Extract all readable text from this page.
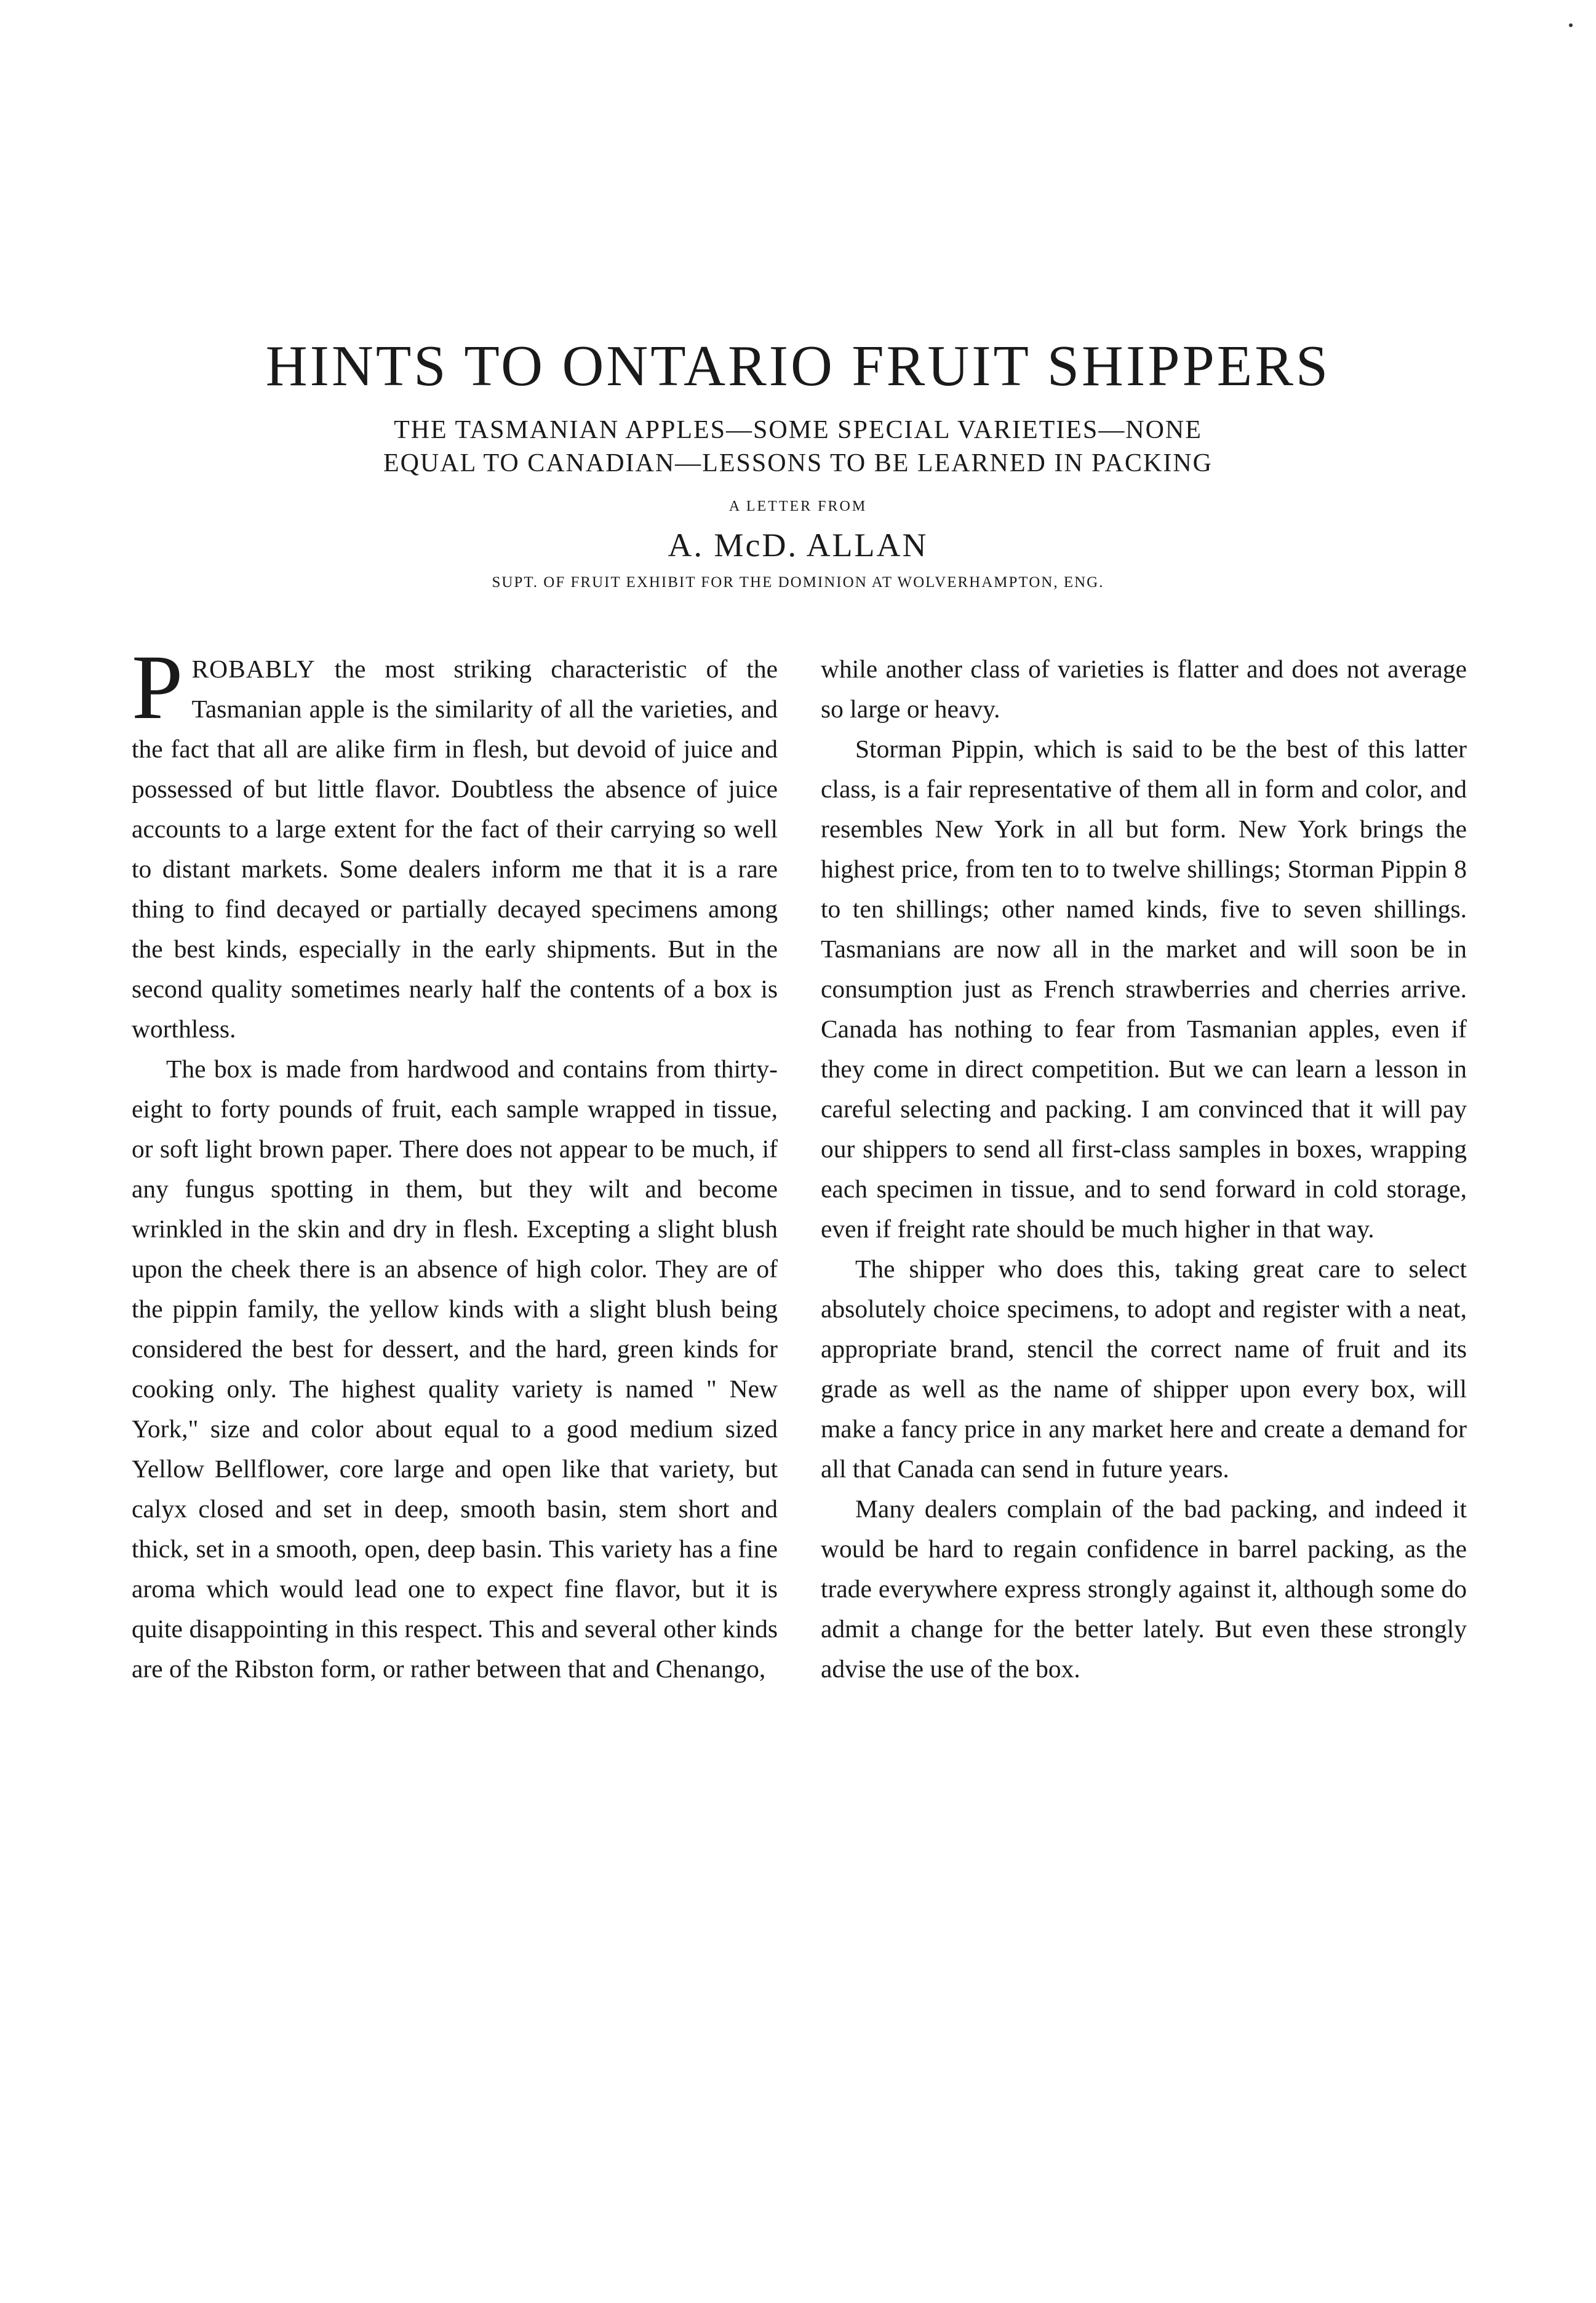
HINTS TO ONTARIO FRUIT SHIPPERS
THE TASMANIAN APPLES—SOME SPECIAL VARIETIES—NONE
EQUAL TO CANADIAN—LESSONS TO BE LEARNED IN PACKING
A LETTER FROM
A. McD. ALLAN
SUPT. OF FRUIT EXHIBIT FOR THE DOMINION AT WOLVERHAMPTON, ENG.

PROBABLY the most striking characteristic of the Tasmanian apple is the similarity of all the varieties, and the fact that all are alike firm in flesh, but devoid of juice and possessed of but little flavor. Doubtless the absence of juice accounts to a large extent for the fact of their carrying so well to distant markets. Some dealers inform me that it is a rare thing to find decayed or partially decayed specimens among the best kinds, especially in the early shipments. But in the second quality sometimes nearly half the contents of a box is worthless.

The box is made from hardwood and contains from thirty-eight to forty pounds of fruit, each sample wrapped in tissue, or soft light brown paper. There does not appear to be much, if any fungus spotting in them, but they wilt and become wrinkled in the skin and dry in flesh. Excepting a slight blush upon the cheek there is an absence of high color. They are of the pippin family, the yellow kinds with a slight blush being considered the best for dessert, and the hard, green kinds for cooking only. The highest quality variety is named " New York," size and color about equal to a good medium sized Yellow Bellflower, core large and open like that variety, but calyx closed and set in deep, smooth basin, stem short and thick, set in a smooth, open, deep basin. This variety has a fine aroma which would lead one to expect fine flavor, but it is quite disappointing in this respect. This and several other kinds are of the Ribston form, or rather between that and Chenango,

while another class of varieties is flatter and does not average so large or heavy.

Storman Pippin, which is said to be the best of this latter class, is a fair representative of them all in form and color, and resembles New York in all but form. New York brings the highest price, from ten to to twelve shillings; Storman Pippin 8 to ten shillings; other named kinds, five to seven shillings. Tasmanians are now all in the market and will soon be in consumption just as French strawberries and cherries arrive. Canada has nothing to fear from Tasmanian apples, even if they come in direct competition. But we can learn a lesson in careful selecting and packing. I am convinced that it will pay our shippers to send all first-class samples in boxes, wrapping each specimen in tissue, and to send forward in cold storage, even if freight rate should be much higher in that way.

The shipper who does this, taking great care to select absolutely choice specimens, to adopt and register with a neat, appropriate brand, stencil the correct name of fruit and its grade as well as the name of shipper upon every box, will make a fancy price in any market here and create a demand for all that Canada can send in future years.

Many dealers complain of the bad packing, and indeed it would be hard to regain confidence in barrel packing, as the trade everywhere express strongly against it, although some do admit a change for the better lately. But even these strongly advise the use of the box.
